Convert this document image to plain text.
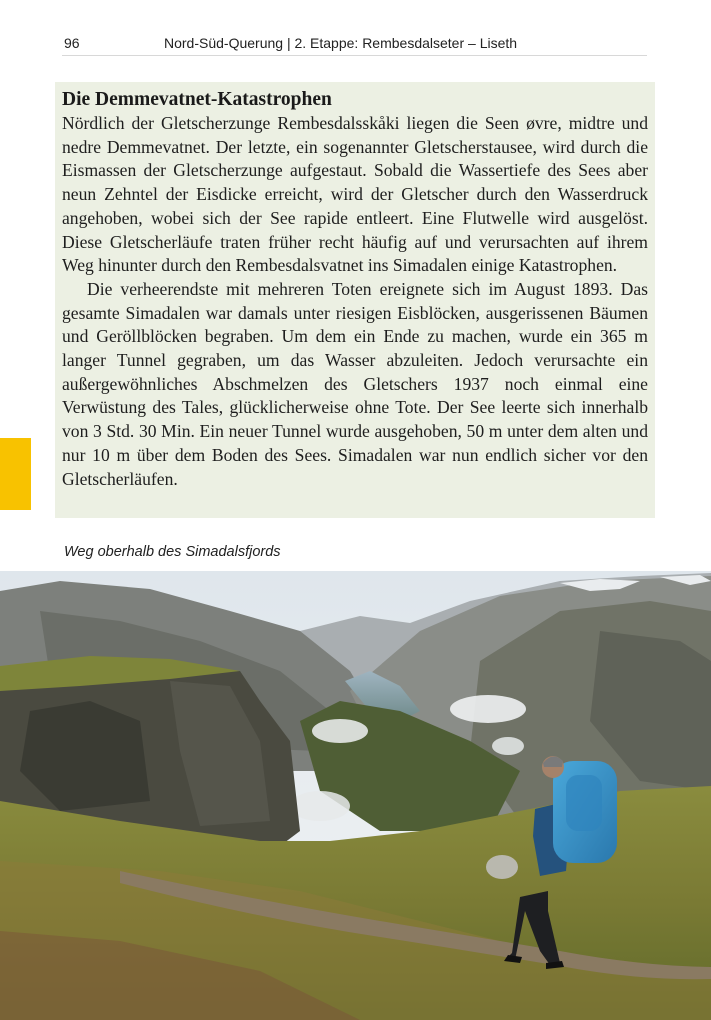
96	Nord-Süd-Querung | 2. Etappe: Rembesdalseter – Liseth
Die Demmevatnet-Katastrophen

Nördlich der Gletscherzunge Rembesdalsskåki liegen die Seen øvre, midtre und nedre Demmevatnet. Der letzte, ein sogenannter Gletscherstausee, wird durch die Eismassen der Gletscherzunge aufgestaut. Sobald die Wassertiefe des Sees aber neun Zehntel der Eisdicke erreicht, wird der Gletscher durch den Wasserdruck angehoben, wobei sich der See rapide entleert. Eine Flutwelle wird ausgelöst. Diese Gletscherläufe traten früher recht häufig auf und verursachten auf ihrem Weg hinunter durch den Rembesdalsvatnet ins Simadalen einige Katastrophen.

Die verheerendste mit mehreren Toten ereignete sich im August 1893. Das gesamte Simadalen war damals unter riesigen Eisblöcken, ausgerissenen Bäumen und Geröllblöcken begraben. Um dem ein Ende zu machen, wurde ein 365 m langer Tunnel gegraben, um das Wasser abzuleiten. Jedoch verursachte ein außergewöhnliches Abschmelzen des Gletschers 1937 noch einmal eine Verwüstung des Tales, glücklicherweise ohne Tote. Der See leerte sich innerhalb von 3 Std. 30 Min. Ein neuer Tunnel wurde ausgehoben, 50 m unter dem alten und nur 10 m über dem Boden des Sees. Simadalen war nun endlich sicher vor den Gletscherläufen.

Weg oberhalb des Simadalsfjords
